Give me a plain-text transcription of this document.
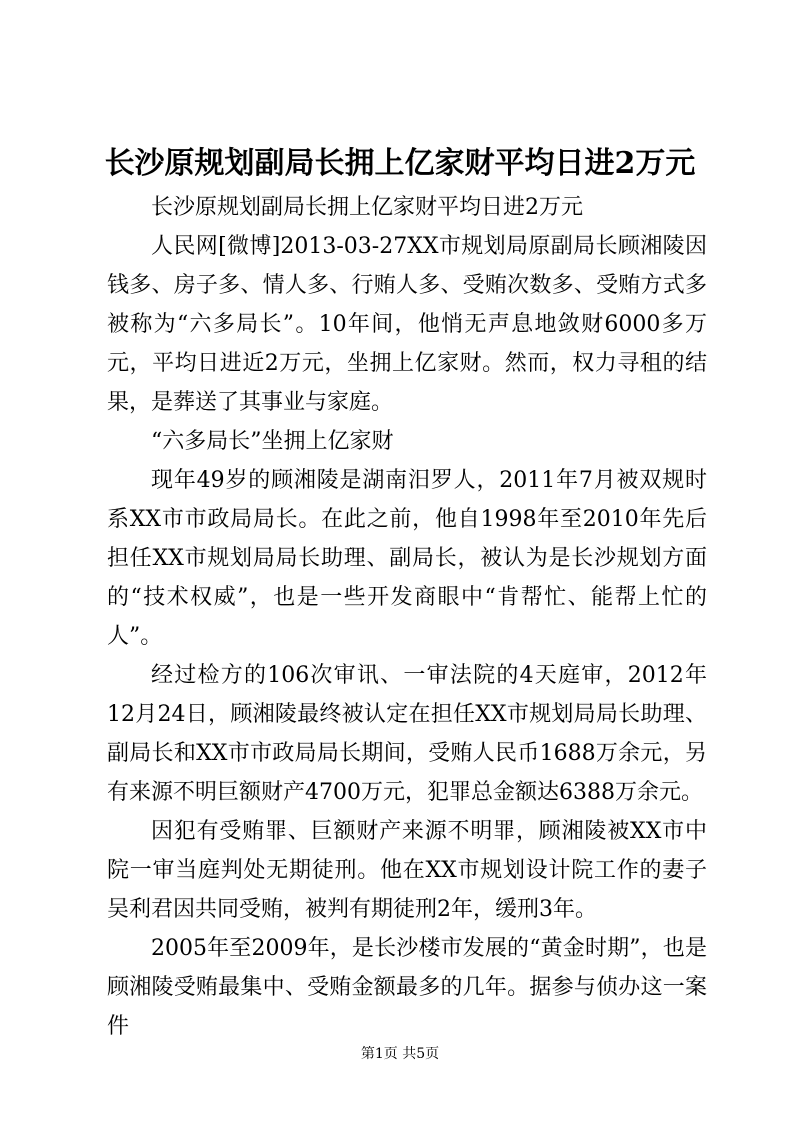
长沙原规划副局长拥上亿家财平均日进2万元

长沙原规划副局长拥上亿家财平均日进2万元

人民网[微博]2013-03-27XX市规划局原副局长顾湘陵因钱多、房子多、情人多、行贿人多、受贿次数多、受贿方式多被称为“六多局长”。10年间，他悄无声息地敛财6000多万元，平均日进近2万元，坐拥上亿家财。然而，权力寻租的结果，是葬送了其事业与家庭。

“六多局长”坐拥上亿家财

现年49岁的顾湘陵是湖南汨罗人，2011年7月被双规时系XX市市政局局长。在此之前，他自1998年至2010年先后担任XX市规划局局长助理、副局长，被认为是长沙规划方面的“技术权威”，也是一些开发商眼中“肯帮忙、能帮上忙的人”。

经过检方的106次审讯、一审法院的4天庭审，2012年12月24日，顾湘陵最终被认定在担任XX市规划局局长助理、副局长和XX市市政局局长期间，受贿人民币1688万余元，另有来源不明巨额财产4700万元，犯罪总金额达6388万余元。

因犯有受贿罪、巨额财产来源不明罪，顾湘陵被XX市中院一审当庭判处无期徒刑。他在XX市规划设计院工作的妻子吴利君因共同受贿，被判有期徒刑2年，缓刑3年。

2005年至2009年，是长沙楼市发展的“黄金时期”，也是顾湘陵受贿最集中、受贿金额最多的几年。据参与侦办这一案件

第1页 共5页
